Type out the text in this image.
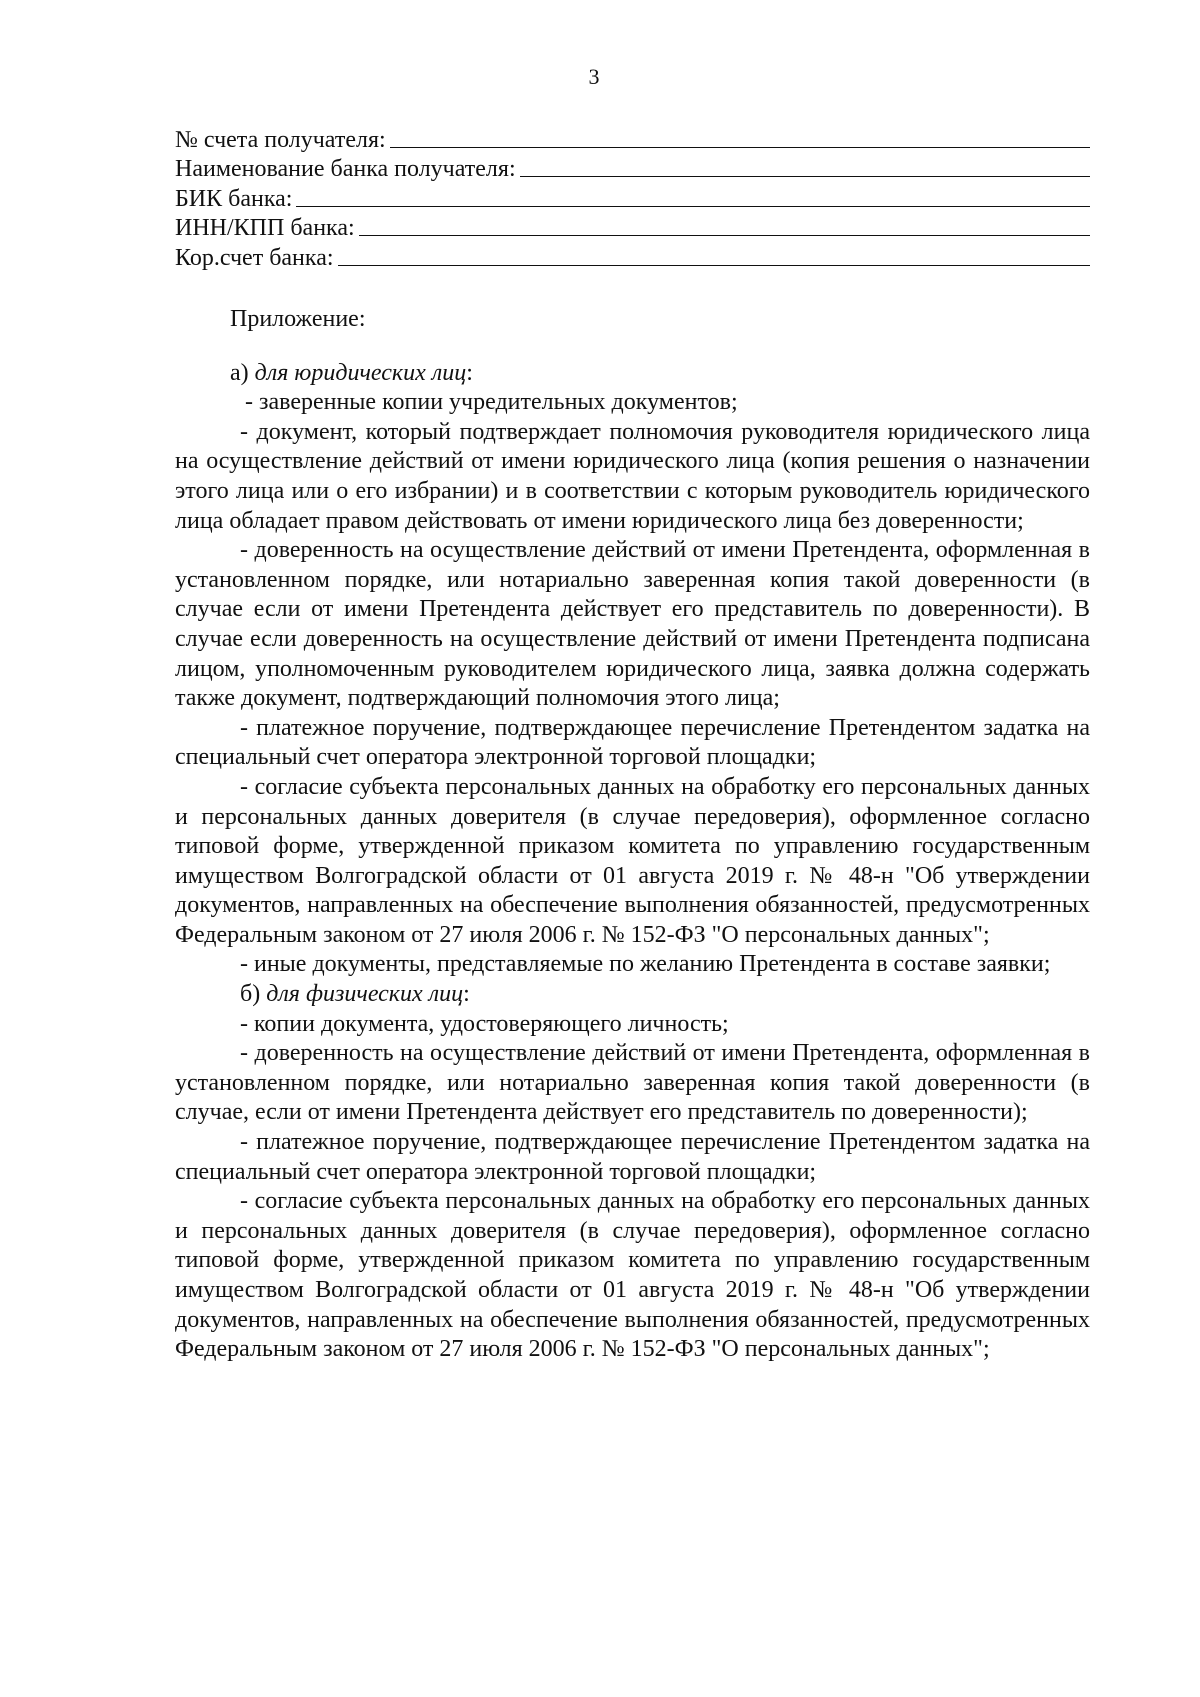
3
№ счета получателя:
Наименование банка получателя:
БИК банка:
ИНН/КПП банка:
Кор.счет банка:

Приложение:

а) для юридических лиц:

- заверенные копии учредительных документов;

- документ, который подтверждает полномочия руководителя юридического лица на осуществление действий от имени юридического лица (копия решения о назначении этого лица или о его избрании) и в соответствии с которым руководитель юридического лица обладает правом действовать от имени юридического лица без доверенности;

- доверенность на осуществление действий от имени Претендента, оформленная в установленном порядке, или нотариально заверенная копия такой доверенности (в случае если от имени Претендента действует его представитель по доверенности). В случае если доверенность на осуществление действий от имени Претендента подписана лицом, уполномоченным руководителем юридического лица, заявка должна содержать также документ, подтверждающий полномочия этого лица;

- платежное поручение, подтверждающее перечисление Претендентом задатка на специальный счет оператора электронной торговой площадки;

- согласие субъекта персональных данных на обработку его персональных данных и персональных данных доверителя (в случае передоверия), оформленное согласно типовой форме, утвержденной приказом комитета по управлению государственным имуществом Волгоградской области от 01 августа 2019 г. № 48-н "Об утверждении документов, направленных на обеспечение выполнения обязанностей, предусмотренных Федеральным законом от 27 июля 2006 г. № 152-ФЗ "О персональных данных";

- иные документы, представляемые по желанию Претендента в составе заявки;

б) для физических лиц:

- копии документа, удостоверяющего личность;

- доверенность на осуществление действий от имени Претендента, оформленная в установленном порядке, или нотариально заверенная копия такой доверенности (в случае, если от имени Претендента действует его представитель по доверенности);

- платежное поручение, подтверждающее перечисление Претендентом задатка на специальный счет оператора электронной торговой площадки;

- согласие субъекта персональных данных на обработку его персональных данных и персональных данных доверителя (в случае передоверия), оформленное согласно типовой форме, утвержденной приказом комитета по управлению государственным имуществом Волгоградской области от 01 августа 2019 г. № 48-н "Об утверждении документов, направленных на обеспечение выполнения обязанностей, предусмотренных Федеральным законом от 27 июля 2006 г. № 152-ФЗ "О персональных данных";
